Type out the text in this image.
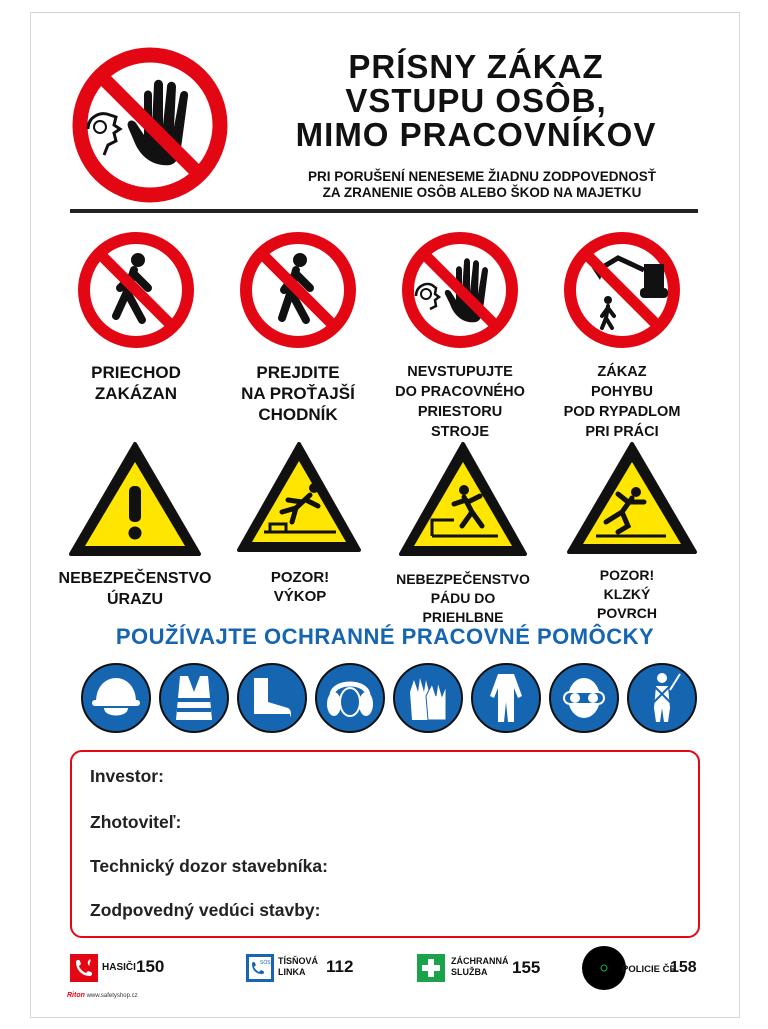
PRÍSNY ZÁKAZ
VSTUPU OSÔB,
MIMO PRACOVNÍKOV
PRI PORUŠENÍ NENESEME ŽIADNU ZODPOVEDNOSŤ
ZA ZRANENIE OSÔB ALEBO ŠKOD NA MAJETKU
PRIECHOD
ZAKÁZAN
PREJDITE
NA PROŤAJŠÍ
CHODNÍK
NEVSTUPUJTE
DO PRACOVNÉHO
PRIESTORU
STROJE
ZÁKAZ
POHYBU
POD RYPADLOM
PRI PRÁCI
NEBEZPEČENSTVO
ÚRAZU
POZOR!
VÝKOP
NEBEZPEČENSTVO
PÁDU DO
PRIEHLBNE
POZOR!
KLZKÝ
POVRCH
POUŽÍVAJTE OCHRANNÉ PRACOVNÉ POMÔCKY
Investor:
Zhotoviteľ:
Technický dozor stavebníka:
Zodpovedný vedúci stavby:
HASIČI 150	SOS TÍSŇOVÁ
LINKA	112	ZÁCHRANNÁ
SLUŽBA	155	POLICIE ČR
158
Riton www.safetyshop.cz
